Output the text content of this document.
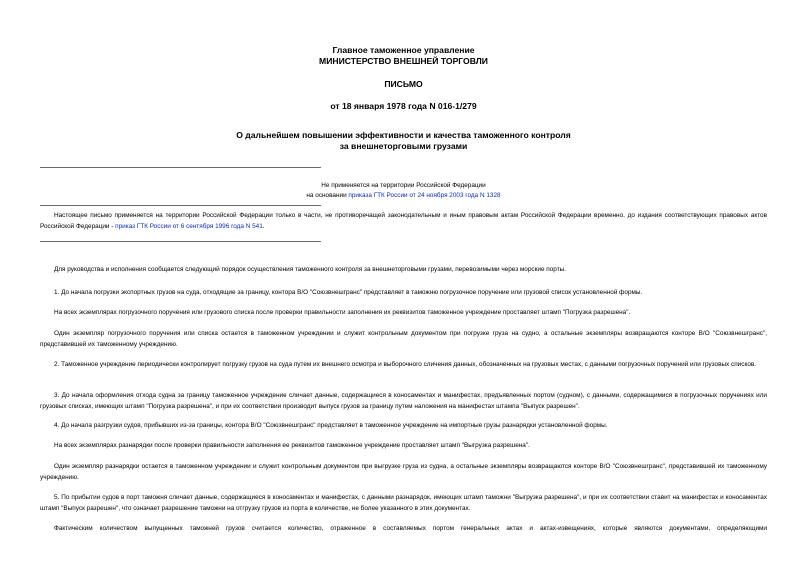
Главное таможенное управление
МИНИСТЕРСТВО ВНЕШНЕЙ ТОРГОВЛИ
ПИСЬМО
от 18 января 1978 года N 016-1/279
О дальнейшем повышении эффективности и качества таможенного контроля
за внешнеторговыми грузами
Не применяется на территории Российской Федерации
на основании приказа ГТК России от 24 ноября 2003 года N 1328
Настоящее письмо применяется на территории Российской Федерации только в части, не противоречащей законодательным и иным правовым актам Российской Федерации временно, до издания соответствующих правовых актов Российской Федерации - приказ ГТК России от 6 сентября 1996 года N 541.
Для руководства и исполнения сообщается следующий порядок осуществления таможенного контроля за внешнеторговыми грузами, перевозимыми через морские порты.
1. До начала погрузки экспортных грузов на суда, отходящие за границу, контора В/О "Союзвнешгранс" представляет в таможню погрузочное поручение или грузовой список установленной формы.
На всех экземплярах погрузочного поручения или грузового списка после проверки правильности заполнения их реквизитов таможенное учреждение проставляет штамп "Погрузка разрешена".
Один экземпляр погрузочного поручения или списка остается в таможенном учреждении и служит контрольным документом при погрузке груза на судно, а остальные экземпляры возвращаются конторе В/О "Союзвнешгранс", представившей их таможенному учреждению.
2. Таможенное учреждение периодически контролирует погрузку грузов на суда путем их внешнего осмотра и выборочного сличения данных, обозначенных на грузовых местах, с данными погрузочных поручений или грузовых списков.
3. До начала оформления отхода судна за границу таможенное учреждение сличает данные, содержащиеся в коносаментах и манифестах, предъявленных портом (судном), с данными, содержащимися в погрузочных поручениях или грузовых списках, имеющих штамп "Погрузка разрешена", и при их соответствии производит выпуск грузов за границу путем наложения на манифестах штампа "Выпуск разрешен".
4. До начала разгрузки судов, прибывших из-за границы, контора В/О "Союзвнешгранс" представляет в таможенное учреждение на импортные грузы разнарядки установленной формы.
На всех экземплярах разнарядки после проверки правильности заполнения ее реквизитов таможенное учреждение проставляет штамп "Выгрузка разрешена".
Один экземпляр разнарядки остается в таможенном учреждении и служит контрольным документом при выгрузке груза из судна, а остальные экземпляры возвращаются конторе В/О "Союзвнешгранс", представившей их таможенному учреждению.
5. По прибытии судов в порт таможня сличает данные, содержащиеся в коносаментах и манифестах, с данными разнарядок, имеющих штамп таможни "Выгрузка разрешена", и при их соответствии ставит на манифестах и коносаментах штамп "Выпуск разрешен", что означает разрешение таможни на отгрузку грузов из порта в количестве, не более указанного в этих документах.
Фактическим количеством выпущенных таможней грузов считается количество, отраженное в составляемых портом генеральных актах и актах-извещениях, которые являются документами, определяющими
